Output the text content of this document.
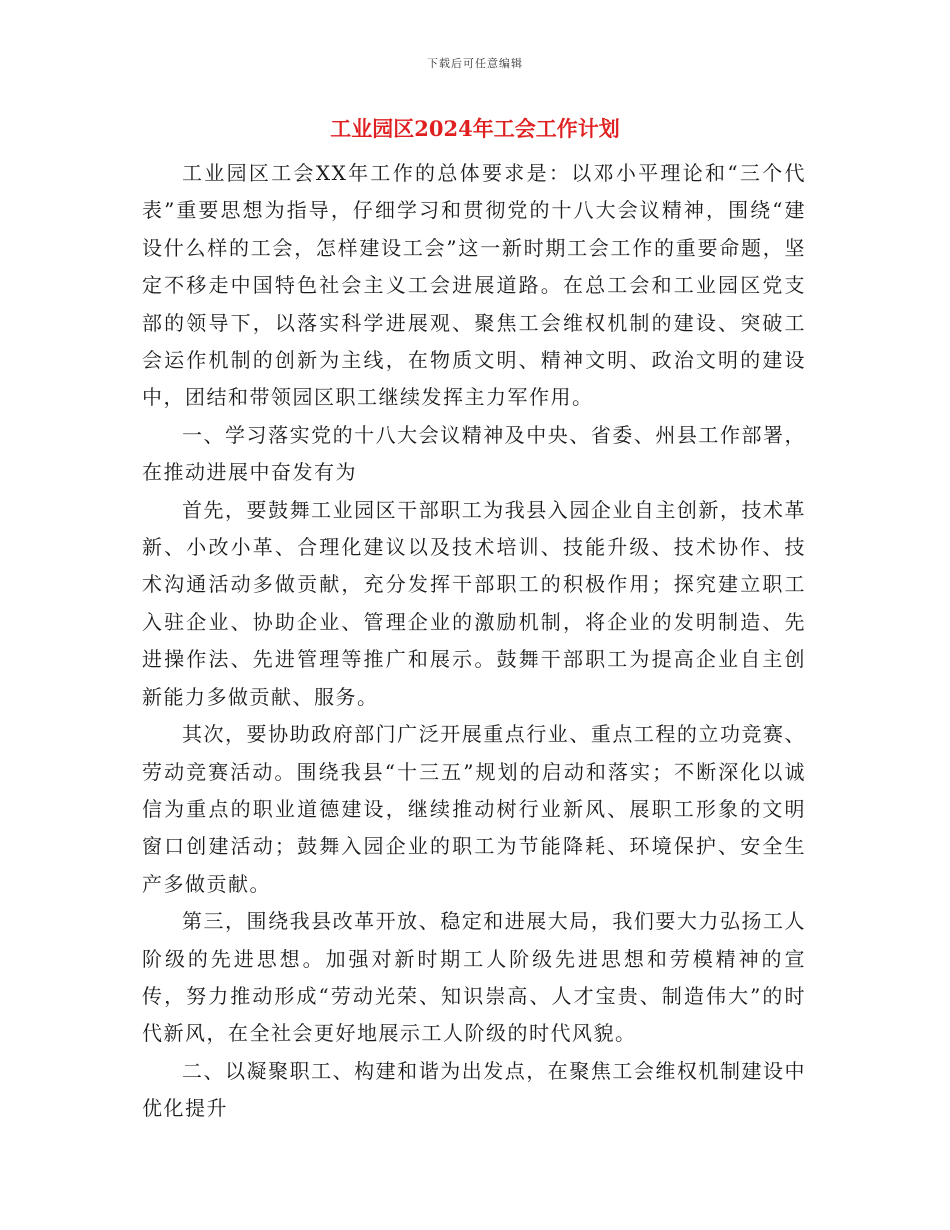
下载后可任意编辑
工业园区2024年工会工作计划

工业园区工会XX年工作的总体要求是：以邓小平理论和“三个代表”重要思想为指导，仔细学习和贯彻党的十八大会议精神，围绕“建设什么样的工会，怎样建设工会”这一新时期工会工作的重要命题，坚定不移走中国特色社会主义工会进展道路。在总工会和工业园区党支部的领导下，以落实科学进展观、聚焦工会维权机制的建设、突破工会运作机制的创新为主线，在物质文明、精神文明、政治文明的建设中，团结和带领园区职工继续发挥主力军作用。

一、学习落实党的十八大会议精神及中央、省委、州县工作部署，在推动进展中奋发有为

首先，要鼓舞工业园区干部职工为我县入园企业自主创新，技术革新、小改小革、合理化建议以及技术培训、技能升级、技术协作、技术沟通活动多做贡献，充分发挥干部职工的积极作用；探究建立职工入驻企业、协助企业、管理企业的激励机制，将企业的发明制造、先进操作法、先进管理等推广和展示。鼓舞干部职工为提高企业自主创新能力多做贡献、服务。

其次，要协助政府部门广泛开展重点行业、重点工程的立功竞赛、劳动竞赛活动。围绕我县“十三五”规划的启动和落实；不断深化以诚信为重点的职业道德建设，继续推动树行业新风、展职工形象的文明窗口创建活动；鼓舞入园企业的职工为节能降耗、环境保护、安全生产多做贡献。

第三，围绕我县改革开放、稳定和进展大局，我们要大力弘扬工人阶级的先进思想。加强对新时期工人阶级先进思想和劳模精神的宣传，努力推动形成“劳动光荣、知识崇高、人才宝贵、制造伟大”的时代新风，在全社会更好地展示工人阶级的时代风貌。

二、以凝聚职工、构建和谐为出发点，在聚焦工会维权机制建设中优化提升
